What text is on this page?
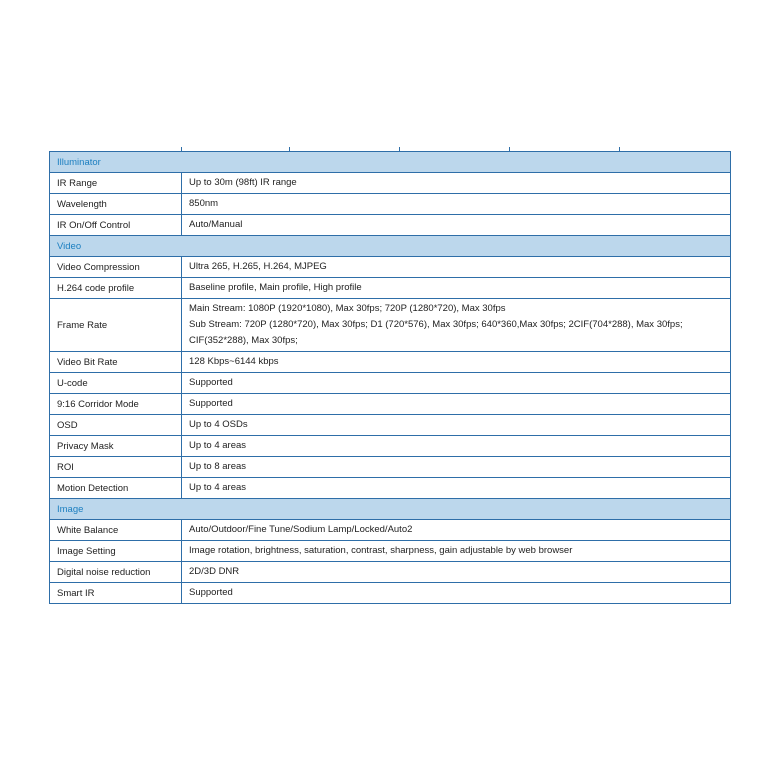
Illuminator	
IR Range	Up to 30m (98ft) IR range

Wavelength	850nm

IR On/Off Control	Auto/Manual

Video	
Video Compression	Ultra 265, H.265, H.264, MJPEG

H.264 code profile	Baseline profile, Main profile, High profile

Frame Rate	Main Stream: 1080P (1920*1080), Max 30fps; 720P (1280*720), Max 30fps
Sub Stream: 720P (1280*720), Max 30fps; D1 (720*576), Max 30fps; 640*360,Max 30fps; 2CIF(704*288), Max 30fps;
CIF(352*288), Max 30fps;

Video Bit Rate	128 Kbps~6144 kbps

U-code	Supported

9:16 Corridor Mode	Supported

OSD	Up to 4 OSDs

Privacy Mask	Up to 4 areas

ROI	Up to 8 areas

Motion Detection	Up to 4 areas

Image	
White Balance	Auto/Outdoor/Fine Tune/Sodium Lamp/Locked/Auto2

Image Setting	Image rotation, brightness, saturation, contrast, sharpness, gain adjustable by web browser

Digital noise reduction	2D/3D DNR

Smart IR	Supported
